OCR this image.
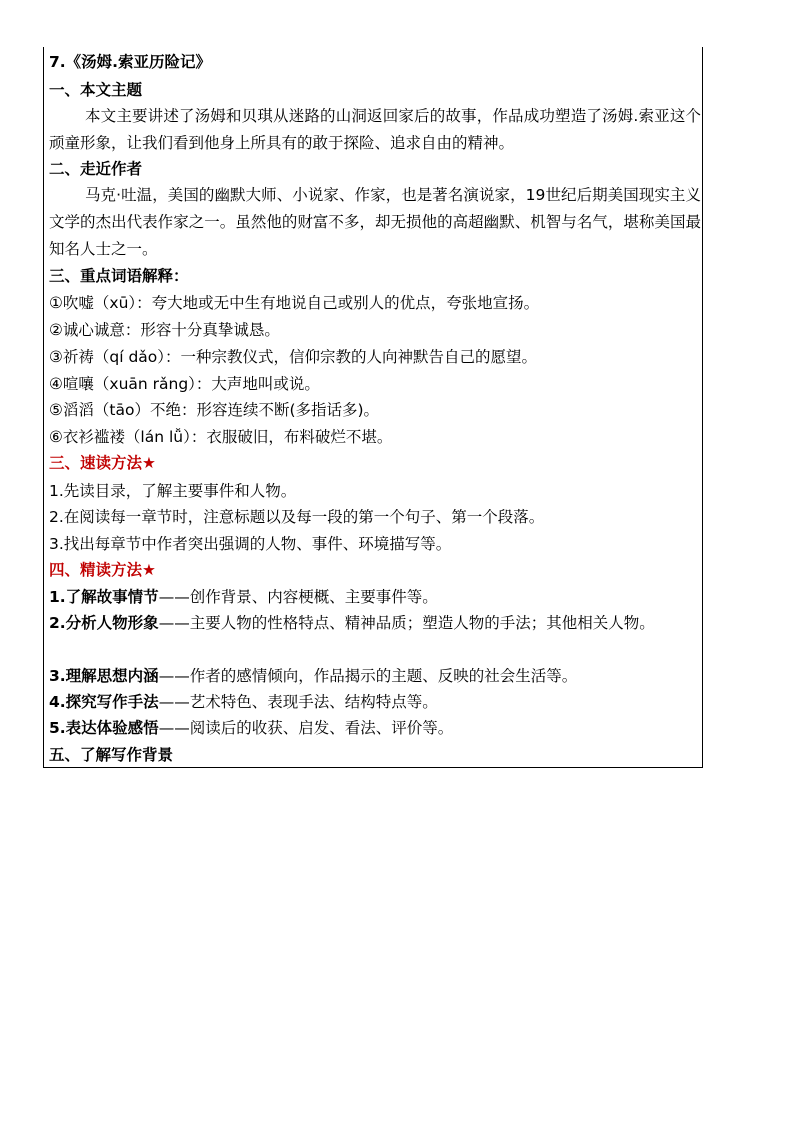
7.《汤姆.索亚历险记》
一、本文主题
本文主要讲述了汤姆和贝琪从迷路的山洞返回家后的故事，作品成功塑造了汤姆.索亚这个顽童形象，让我们看到他身上所具有的敢于探险、追求自由的精神。
二、走近作者
马克·吐温，美国的幽默大师、小说家、作家，也是著名演说家，19世纪后期美国现实主义文学的杰出代表作家之一。虽然他的财富不多，却无损他的高超幽默、机智与名气，堪称美国最知名人士之一。
三、重点词语解释：
①吹嘘（xū）：夸大地或无中生有地说自己或别人的优点，夸张地宣扬。
②诚心诚意：形容十分真挚诚恳。
③祈祷（qí dǎo）：一种宗教仪式，信仰宗教的人向神默告自己的愿望。
④喧嚷（xuān rǎng）：大声地叫或说。
⑤滔滔（tāo）不绝：形容连续不断(多指话多)。
⑥衣衫褴褛（lán lǚ）：衣服破旧，布料破烂不堪。
三、速读方法★
1.先读目录，了解主要事件和人物。
2.在阅读每一章节时，注意标题以及每一段的第一个句子、第一个段落。
3.找出每章节中作者突出强调的人物、事件、环境描写等。
四、精读方法★
1.了解故事情节——创作背景、内容梗概、主要事件等。
2.分析人物形象——主要人物的性格特点、精神品质；塑造人物的手法；其他相关人物。
3.理解思想内涵——作者的感情倾向，作品揭示的主题、反映的社会生活等。
4.探究写作手法——艺术特色、表现手法、结构特点等。
5.表达体验感悟——阅读后的收获、启发、看法、评价等。
五、了解写作背景
